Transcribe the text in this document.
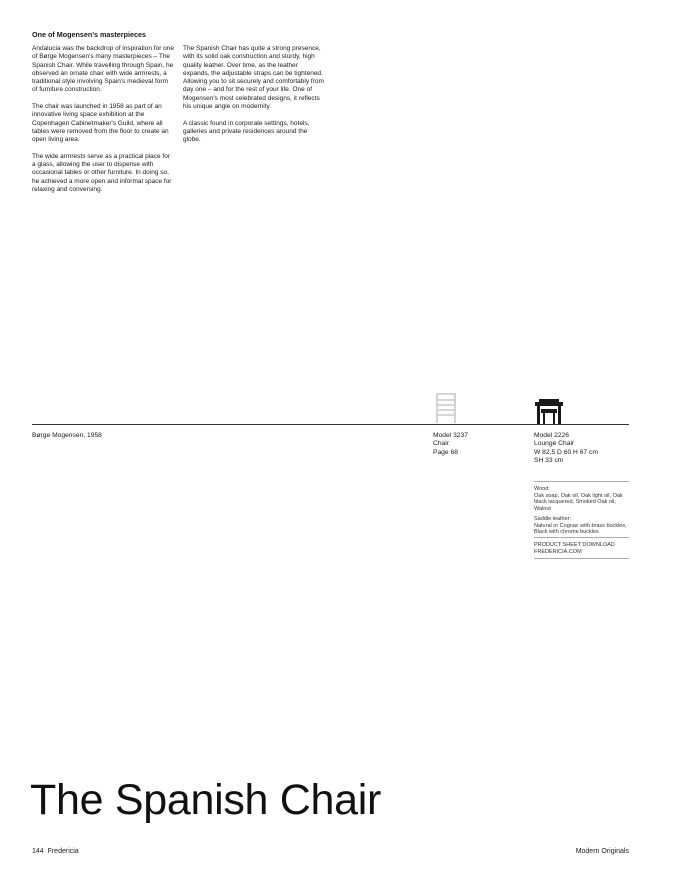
One of Mogensen's masterpieces

Andalucia was the backdrop of inspiration for one of Børge Mogensen's many masterpieces – The Spanish Chair. While travelling through Spain, he observed an ornate chair with wide armrests, a traditional style involving Spain's medieval form of furniture construction.

The chair was launched in 1958 as part of an innovative living space exhibition at the Copenhagen Cabinetmaker's Guild, where all tables were removed from the floor to create an open living area.

The wide armrests serve as a practical place for a glass, allowing the user to dispense with occasional tables or other furniture. In doing so, he achieved a more open and informal space for relaxing and conversing.

The Spanish Chair has quite a strong presence, with its solid oak construction and sturdy, high quality leather. Over time, as the leather expands, the adjustable straps can be tightened. Allowing you to sit securely and comfortably from day one – and for the rest of your life. One of Mogensen's most celebrated designs, it reflects his unique angle on modernity.

A classic found in corporate settings, hotels, galleries and private residences around the globe.

Børge Mogensen, 1958	Model 3237
Chair
Page 68
Model 2226
Lounge Chair
W 82,5 D 60 H 67 cm
SH 33 cm
Wood:
Oak soap, Oak oil, Oak light oil, Oak black lacquered, Smoked Oak oil, Walnut
Saddle leather:
Natural or Cognac with brass buckles, Black with chrome buckles
PRODUCT SHEET DOWNLOAD
FREDERICIA.COM
The Spanish Chair
144 Fredericia	Modern Originals
